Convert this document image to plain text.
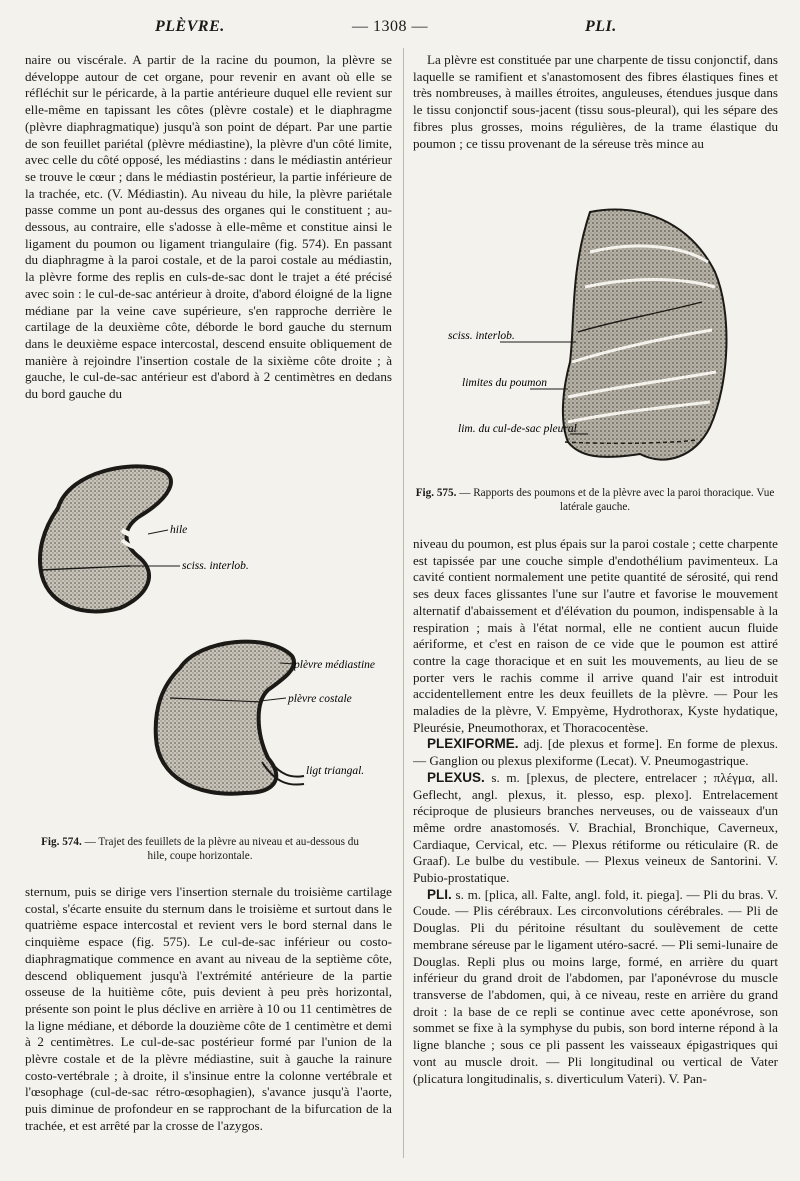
PLÈVRE.	— 1308 —	PLI.

naire ou viscérale. A partir de la racine du poumon, la plèvre se développe autour de cet organe, pour revenir en avant où elle se réfléchit sur le péricarde, à la partie antérieure duquel elle revient sur elle-même en tapissant les côtes (plèvre costale) et le diaphragme (plèvre diaphragmatique) jusqu'à son point de départ. Par une partie de son feuillet pariétal (plèvre médiastine), la plèvre d'un côté limite, avec celle du côté opposé, les médiastins : dans le médiastin antérieur se trouve le cœur ; dans le médiastin postérieur, la partie inférieure de la trachée, etc. (V. Médiastin). Au niveau du hile, la plèvre pariétale passe comme un pont au-dessus des organes qui le constituent ; au-dessous, au contraire, elle s'adosse à elle-même et constitue ainsi le ligament du poumon ou ligament triangulaire (fig. 574). En passant du diaphragme à la paroi costale, et de la paroi costale au médiastin, la plèvre forme des replis en culs-de-sac dont le trajet a été précisé avec soin : le cul-de-sac antérieur à droite, d'abord éloigné de la ligne médiane par la veine cave supérieure, s'en rapproche derrière le cartilage de la deuxième côte, déborde le bord gauche du sternum dans le deuxième espace intercostal, descend ensuite obliquement de manière à rejoindre l'insertion costale de la sixième côte droite ; à gauche, le cul-de-sac antérieur est d'abord à 2 centimètres en dedans du bord gauche du

hile
sciss. interlob.
plèvre médiastine
plèvre costale
ligt triangal.
Fig. 574. — Trajet des feuillets de la plèvre au niveau et au-dessous du hile, coupe horizontale.

sternum, puis se dirige vers l'insertion sternale du troisième cartilage costal, s'écarte ensuite du sternum dans le troisième et surtout dans le quatrième espace intercostal et revient vers le bord sternal dans le cinquième espace (fig. 575). Le cul-de-sac inférieur ou costo-diaphragmatique commence en avant au niveau de la septième côte, descend obliquement jusqu'à l'extrémité antérieure de la partie osseuse de la huitième côte, puis devient à peu près horizontal, présente son point le plus déclive en arrière à 10 ou 11 centimètres de la ligne médiane, et déborde la douzième côte de 1 centimètre et demi à 2 centimètres. Le cul-de-sac postérieur formé par l'union de la plèvre costale et de la plèvre médiastine, suit à gauche la rainure costo-vertébrale ; à droite, il s'insinue entre la colonne vertébrale et l'œsophage (cul-de-sac rétro-œsophagien), s'avance jusqu'à l'aorte, puis diminue de profondeur en se rapprochant de la bifurcation de la trachée, et est arrêté par la crosse de l'azygos.

La plèvre est constituée par une charpente de tissu conjonctif, dans laquelle se ramifient et s'anastomosent des fibres élastiques fines et très nombreuses, à mailles étroites, anguleuses, étendues jusque dans le tissu conjonctif sous-jacent (tissu sous-pleural), qui les sépare des fibres plus grosses, moins régulières, de la trame élastique du poumon ; ce tissu provenant de la séreuse très mince au

sciss. interlob.
limites du poumon
lim. du cul-de-sac pleural
Fig. 575. — Rapports des poumons et de la plèvre avec la paroi thoracique. Vue latérale gauche.

niveau du poumon, est plus épais sur la paroi costale ; cette charpente est tapissée par une couche simple d'endothélium pavimenteux. La cavité contient normalement une petite quantité de sérosité, qui rend ses deux faces glissantes l'une sur l'autre et favorise le mouvement alternatif d'abaissement et d'élévation du poumon, indispensable à la respiration ; mais à l'état normal, elle ne contient aucun fluide aériforme, et c'est en raison de ce vide que le poumon est attiré contre la cage thoracique et en suit les mouvements, au lieu de se porter vers le rachis comme il arrive quand l'air est introduit accidentellement entre les deux feuillets de la plèvre. — Pour les maladies de la plèvre, V. Empyème, Hydrothorax, Kyste hydatique, Pleurésie, Pneumothorax, et Thoracocentèse.

PLEXIFORME. adj. [de plexus et forme]. En forme de plexus. — Ganglion ou plexus plexiforme (Lecat). V. Pneumogastrique.

PLEXUS. s. m. [plexus, de plectere, entrelacer ; πλέγμα, all. Geflecht, angl. plexus, it. plesso, esp. plexo]. Entrelacement réciproque de plusieurs branches nerveuses, ou de vaisseaux d'un même ordre anastomosés. V. Brachial, Bronchique, Caverneux, Cardiaque, Cervical, etc. — Plexus rétiforme ou réticulaire (R. de Graaf). Le bulbe du vestibule. — Plexus veineux de Santorini. V. Pubio-prostatique.

PLI. s. m. [plica, all. Falte, angl. fold, it. piega]. — Pli du bras. V. Coude. — Plis cérébraux. Les circonvolutions cérébrales. — Pli de Douglas. Pli du péritoine résultant du soulèvement de cette membrane séreuse par le ligament utéro-sacré. — Pli semi-lunaire de Douglas. Repli plus ou moins large, formé, en arrière du quart inférieur du grand droit de l'abdomen, par l'aponévrose du muscle transverse de l'abdomen, qui, à ce niveau, reste en arrière du grand droit : la base de ce repli se continue avec cette aponévrose, son sommet se fixe à la symphyse du pubis, son bord interne répond à la ligne blanche ; sous ce pli passent les vaisseaux épigastriques qui vont au muscle droit. — Pli longitudinal ou vertical de Vater (plicatura longitudinalis, s. diverticulum Vateri). V. Pan-
